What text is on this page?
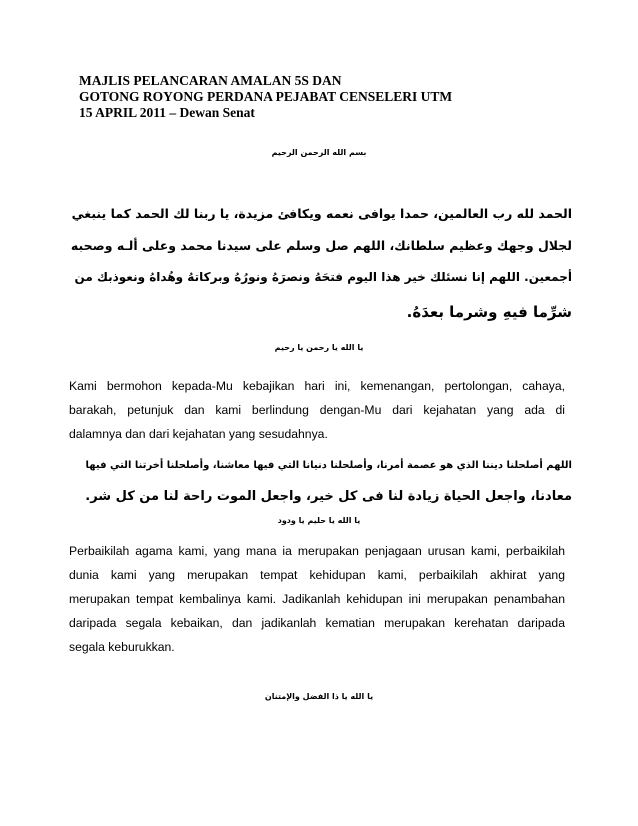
MAJLIS PELANCARAN AMALAN 5S DAN
GOTONG ROYONG PERDANA PEJABAT CENSELERI UTM
15 APRIL 2011 – Dewan Senat
بسم الله الرحمن الرحيم
الحمد لله رب العالمين، حمدا يوافى نعمه ويكافئ مزيدة، يا ربنا لك الحمد كما ينبغي
لجلال وجهك وعظيم سلطانك، اللهم صل وسلم على سيدنا محمد وعلى ألـه وصحبه
أجمعين. اللهم إنا نسئلك خير هذا اليوم فتحَهُ ونصرَهُ ونورُهُ وبركاتهُ وهُداهُ ونعوذبك من
شرِّما فيهِ وشرما بعدَهُ.
يا الله يا رحمن يا رحيم
Kami bermohon kepada-Mu kebajikan hari ini, kemenangan, pertolongan, cahaya,
barakah, petunjuk dan kami berlindung dengan-Mu dari kejahatan yang ada di
dalamnya dan dari kejahatan yang sesudahnya.
اللهم أصلحلنا ديننا الذي هو عصمة أمرنا، وأصلحلنا دنيانا التي فيها معاشنا، وأصلحلنا أخرتنا التي فيها
معادنا، واجعل الحياة زيادة لنا فى كل خير، واجعل الموت راحة لنا من كل شر.
يا الله يا حليم يا ودود
Perbaikilah agama kami, yang mana ia merupakan penjagaan urusan kami, perbaikilah
dunia kami yang merupakan tempat kehidupan kami, perbaikilah akhirat yang
merupakan tempat kembalinya kami. Jadikanlah kehidupan ini merupakan penambahan
daripada segala kebaikan, dan jadikanlah kematian merupakan kerehatan daripada
segala keburukkan.
يا الله يا ذا الفضل والإمتنان
